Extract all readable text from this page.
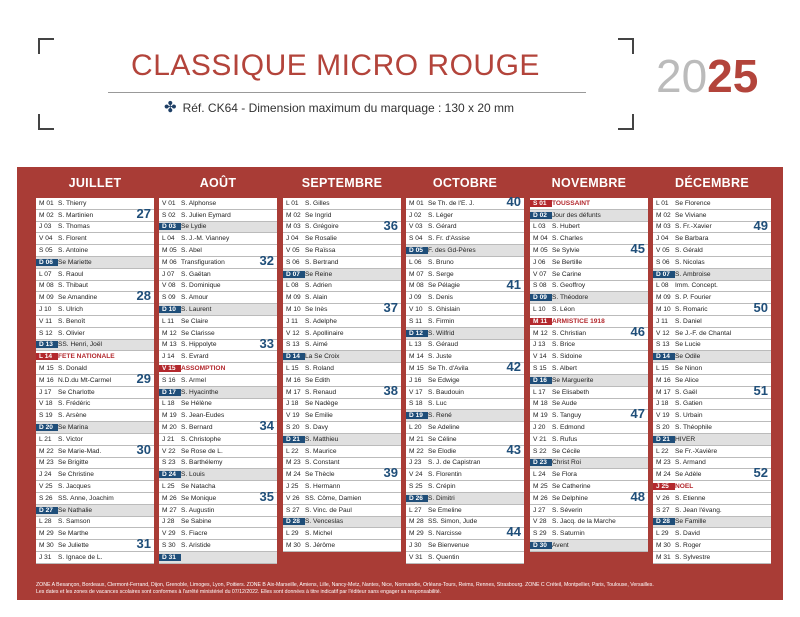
CLASSIQUE MICRO ROUGE	2025
✤ Réf. CK64 - Dimension maximum du marquage : 130 x 20 mm
JUILLET
M 01 S. Thierry
M 02 S. Martinien	27
J 03 S. Thomas
V 04 S. Florent
S 05 S. Antoine
D 06 Se Mariette
L 07 S. Raoul
M 08 S. Thibaut
M 09 Se Amandine	28
J 10 S. Ulrich
V 11 S. Benoît
S 12 S. Olivier
D 13 SS. Henri, Joël
L 14 FÊTE NATIONALE
M 15 S. Donald
M 16 N.D.du Mt-Carmel	29
J 17 Se Charlotte
V 18 S. Frédéric
S 19 S. Arsène
D 20 Se Marina
L 21 S. Victor
M 22 Se Marie-Mad.	30
M 23 Se Brigitte
J 24 Se Christine
V 25 S. Jacques
S 26 SS. Anne, Joachim
D 27 Se Nathalie
L 28 S. Samson
M 29 Se Marthe
M 30 Se Juliette	31
J 31 S. Ignace de L.
AOÛT
V 01 S. Alphonse
S 02 S. Julien Eymard
D 03 Se Lydie
L 04 S. J.-M. Vianney
M 05 S. Abel
M 06 Transfiguration	32
J 07 S. Gaëtan
V 08 S. Dominique
S 09 S. Amour
D 10 S. Laurent
L 11	Se Claire
M 12 Se Clarisse
M 13 S. Hippolyte	33
J 14 S. Evrard
V 15 ASSOMPTION
S 16 S. Armel
D 17 S. Hyacinthe
L 18 Se Hélène
M 19 S. Jean-Eudes
M 20 S. Bernard	34
J 21 S. Christophe
V 22 Se Rose de L.
S 23 S. Barthélemy
D 24 S. Louis
L 25 Se Natacha
M 26 Se Monique	35
M 27 S. Augustin
J 28 Se Sabine
V 29 S. Fiacre
S 30 S. Aristide
D 31
SEPTEMBRE
L 01 S. Gilles
M 02 Se Ingrid
M 03 S. Grégoire	36
J 04 Se Rosalie
V 05 Se Raïssa
S 06 S. Bertrand
D 07 Se Reine
L 08 S. Adrien
M 09 S. Alain
M 10 Se Inès	37
J 11	S. Adelphe
V 12 S. Apollinaire
S 13 S. Aimé
D 14 La Se Croix
L 15 S. Roland
M 16 Se Édith
M 17 S. Renaud	38
J 18 Se Nadège
V 19 Se Émilie
S 20 S. Davy
D 21 S. Matthieu
L 22 S. Maurice
M 23 S. Constant
M 24 Se Thècle	39
J 25 S. Hermann
V 26 SS. Côme, Damien
S 27 S. Vinc. de Paul
D 28 S. Venceslas
L 29 S. Michel
M 30 S. Jérôme
OCTOBRE
M 01 Se Th. de l'E. J.	40
J 02 S. Léger
V 03 S. Gérard
S 04 S. Fr. d'Assise
D 05 F. des Gd-Pères
L 06 S. Bruno
M 07 S. Serge
M 08 Se Pélagie	41
J 09 S. Denis
V 10 S. Ghislain
S 11 S. Firmin
D 12 S. Wilfrid
L 13 S. Géraud
M 14 S. Juste
M 15 Se Th. d'Avila	42
J 16 Se Edwige
V 17 S. Baudouin
S 18 S. Luc
D 19 S. René
L 20 Se Adeline
M 21 Se Céline
M 22 Se Élodie	43
J 23 S. J. de Capistran
V 24 S. Florentin
S 25 S. Crépin
D 26 S. Dimitri
L 27 Se Émeline
M 28 SS. Simon, Jude
M 29 S. Narcisse	44
J 30 Se Bienvenue
V 31 S. Quentin
NOVEMBRE
S 01 TOUSSAINT
D 02 Jour des défunts
L 03 S. Hubert
M 04 S. Charles
M 05 Se Sylvie	45
J 06 Se Bertille
V 07 Se Carine
S 08 S. Geoffroy
D 09 S. Théodore
L 10 S. Léon
M 11 ARMISTICE 1918
M 12 S. Christian	46
J 13 S. Brice
V 14 S. Sidoine
S 15 S. Albert
D 16 Se Marguerite
L 17 Se Élisabeth
M 18 Se Aude
M 19 S. Tanguy	47
J 20 S. Edmond
V 21 S. Rufus
S 22 Se Cécile
D 23 Christ Roi
L 24 Se Flora
M 25 Se Catherine
M 26 Se Delphine	48
J 27 S. Séverin
V 28 S. Jacq. de la Marche
S 29 S. Saturnin
D 30 Avent
DÉCEMBRE
L 01 Se Florence
M 02 Se Viviane
M 03 S. Fr.-Xavier	49
J 04 Se Barbara
V 05 S. Gérald
S 06 S. Nicolas
D 07 S. Ambroise
L 08 Imm. Concept.
M 09 S. P. Fourier
M 10 S. Romaric	50
J 11	S. Daniel
V 12 Se J.-F. de Chantal
S 13 Se Lucie
D 14 Se Odile
L 15 Se Ninon
M 16 Se Alice
M 17 S. Gaël	51
J 18 S. Gatien
V 19 S. Urbain
S 20 S. Théophile
D 21 HIVER
L 22 Se Fr.-Xavière
M 23 S. Armand
M 24 Se Adèle	52
J 25 NOËL
V 26 S. Étienne
S 27 S. Jean l'évang.
D 28 Se Famille
L 29 S. David
M 30 S. Roger
M 31 S. Sylvestre
ZONE A Besançon, Bordeaux, Clermont-Ferrand, Dijon, Grenoble, Limoges, Lyon, Poitiers. ZONE B Aix-Marseille, Amiens, Lille, Nancy-Metz, Nantes, Nice, Normandie, Orléans-Tours, Reims, Rennes, Strasbourg. ZONE C Créteil, Montpellier, Paris, Toulouse, Versailles.
Les dates et les zones de vacances scolaires sont conformes à l'arrêté ministériel du 07/12/2022. Elles sont données à titre indicatif par l'éditeur sans engager sa responsabilité.
